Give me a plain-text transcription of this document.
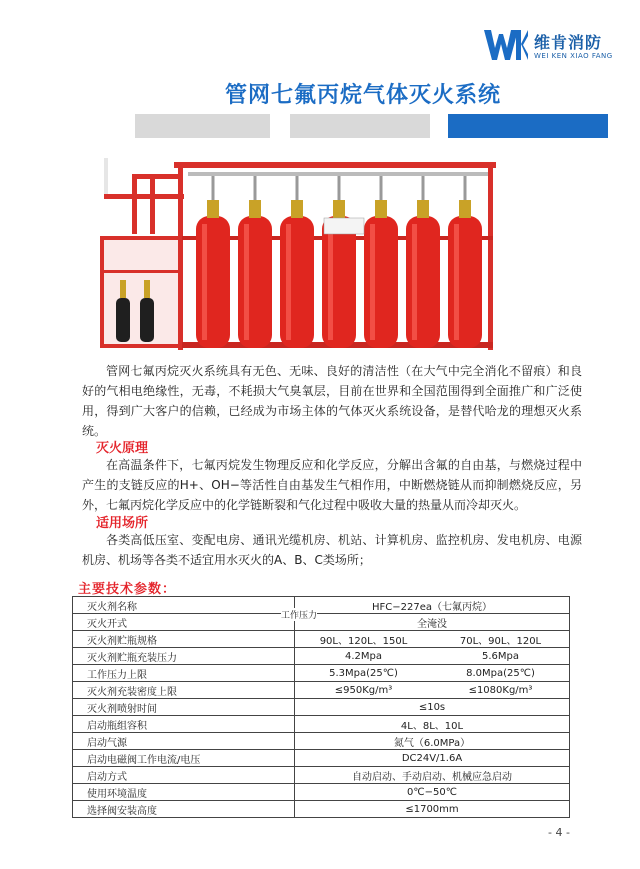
维肯消防
WEI KEN XIAO FANG
管网七氟丙烷气体灭火系统

管网七氟丙烷灭火系统具有无色、无味、良好的清洁性（在大气中完全消化不留痕）和良好的气相电绝缘性，无毒，不耗损大气臭氧层，目前在世界和全国范围得到全面推广和广泛使用，得到广大客户的信赖，已经成为市场主体的气体灭火系统设备，是替代哈龙的理想灭火系统。

灭火原理

在高温条件下，七氟丙烷发生物理反应和化学反应，分解出含氟的自由基，与燃烧过程中产生的支链反应的H+、OH−等活性自由基发生气相作用，中断燃烧链从而抑制燃烧反应，另外，七氟丙烷化学反应中的化学链断裂和气化过程中吸收大量的热量从而冷却灭火。

适用场所

各类高低压室、变配电房、通讯光缆机房、机站、计算机房、监控机房、发电机房、电源机房、机场等各类不适宜用水灭火的A、B、C类场所；

主要技术参数：
灭火剂名称	HFC−227ea（七氟丙烷）

灭火开式	全淹没
工作压力

灭火剂贮瓶规格	90L、120L、150L 70L、90L、120L

灭火剂贮瓶充装压力	4.2Mpa 5.6Mpa

工作压力上限	5.3Mpa(25℃) 8.0Mpa(25℃)

灭火剂充装密度上限	≤950Kg/m³ ≤1080Kg/m³

灭火剂喷射时间	≤10s

启动瓶组容积	4L、8L、10L

启动气源	氮气（6.0MPa）

启动电磁阀工作电流/电压	DC24V/1.6A

启动方式	自动启动、手动启动、机械应急启动

使用环境温度	0℃−50℃

选择阀安装高度	≤1700mm
- 4 -
